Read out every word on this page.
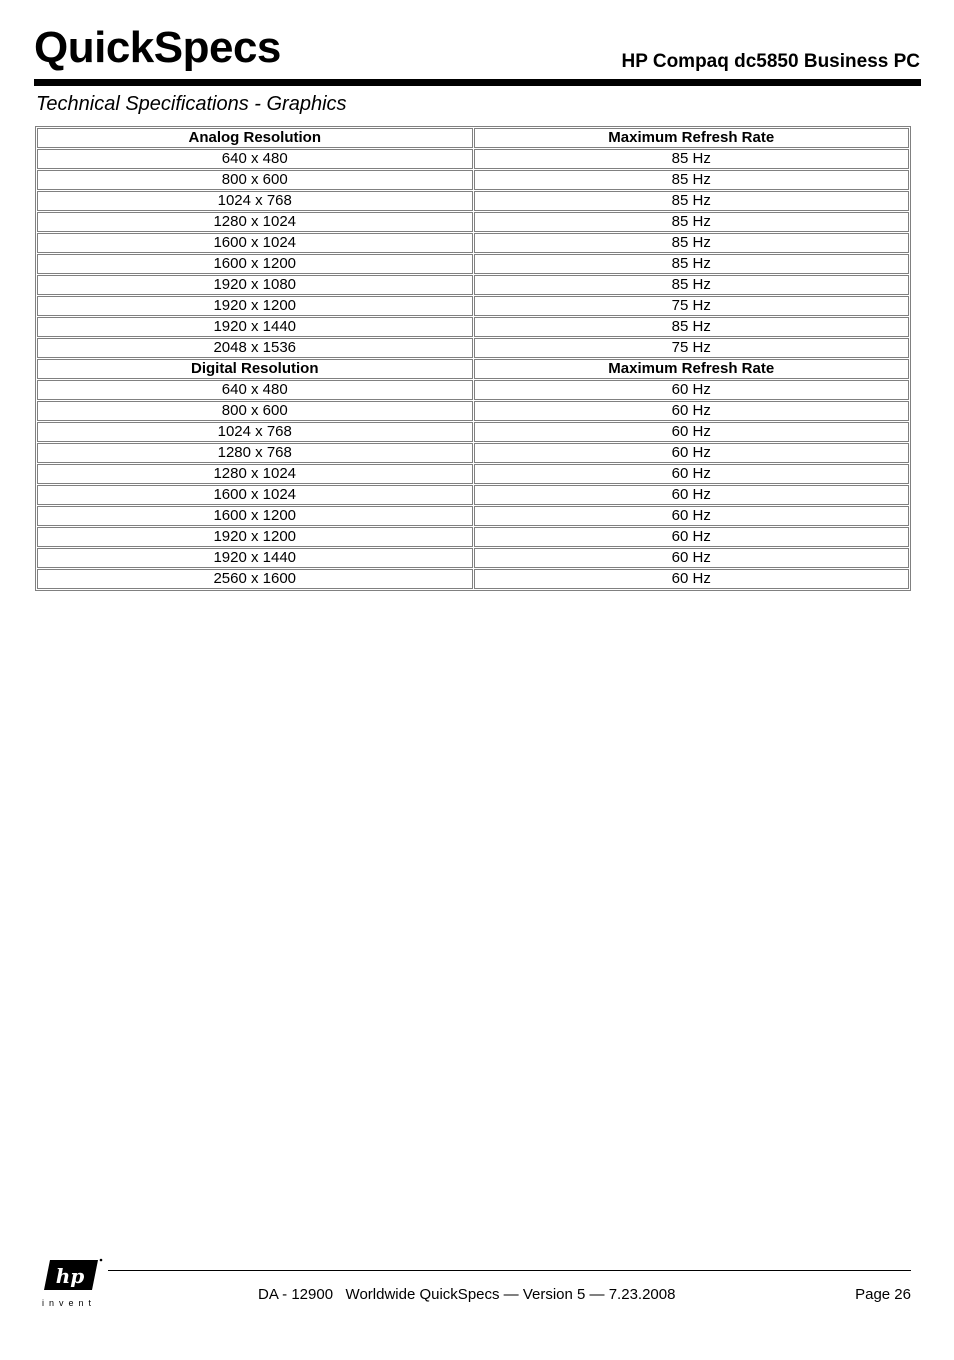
QuickSpecs	HP Compaq dc5850 Business PC
Technical Specifications - Graphics
Analog Resolution	Maximum Refresh Rate
640 x 480	85 Hz
800 x 600	85 Hz
1024 x 768	85 Hz
1280 x 1024	85 Hz
1600 x 1024	85 Hz
1600 x 1200	85 Hz
1920 x 1080	85 Hz
1920 x 1200	75 Hz
1920 x 1440	85 Hz
2048 x 1536	75 Hz
Digital Resolution	Maximum Refresh Rate
640 x 480	60 Hz
800 x 600	60 Hz
1024 x 768	60 Hz
1280 x 768	60 Hz
1280 x 1024	60 Hz
1600 x 1024	60 Hz
1600 x 1200	60 Hz
1920 x 1200	60 Hz
1920 x 1440	60 Hz
2560 x 1600	60 Hz
hp
invent	DA - 12900   Worldwide QuickSpecs — Version 5 — 7.23.2008	Page 26
